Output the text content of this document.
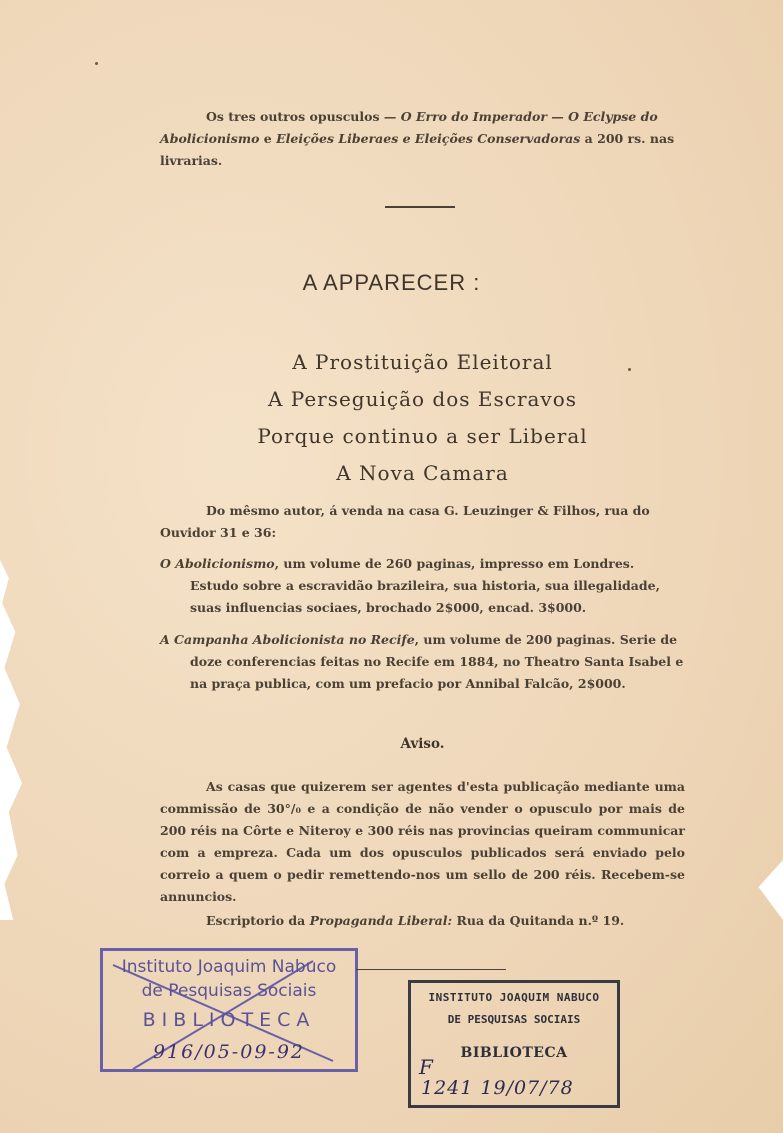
Os tres outros opusculos — O Erro do Imperador — O Eclypse do Abolicionismo e Eleições Liberaes e Eleições Conservadoras a 200 rs. nas livrarias.
A APPARECER :
A Prostituição Eleitoral
A Perseguição dos Escravos
Porque continuo a ser Liberal
A Nova Camara
Do mêsmo autor, á venda na casa G. Leuzinger & Filhos, rua do Ouvidor 31 e 36:
O Abolicionismo, um volume de 260 paginas, impresso em Londres. Estudo sobre a escravidão brazileira, sua historia, sua illegalidade, suas influencias sociaes, brochado 2$000, encad. 3$000.
A Campanha Abolicionista no Recife, um volume de 200 paginas. Serie de doze conferencias feitas no Recife em 1884, no Theatro Santa Isabel e na praça publica, com um prefacio por Annibal Falcão, 2$000.
Aviso.
As casas que quizerem ser agentes d'esta publicação mediante uma commissão de 30°/₀ e a condição de não vender o opusculo por mais de 200 réis na Côrte e Niteroy e 300 réis nas provincias queiram communicar com a empreza. Cada um dos opusculos publicados será enviado pelo correio a quem o pedir remettendo-nos um sello de 200 réis. Recebem-se annuncios.
Escriptorio da Propaganda Liberal: Rua da Quitanda n.º 19.
Instituto Joaquim Nabuco
de Pesquisas Sociais
BIBLIOTECA
916/05-09-92
INSTITUTO JOAQUIM NABUCO
DE PESQUISAS SOCIAIS
BIBLIOTECA
F
1241 19/07/78
